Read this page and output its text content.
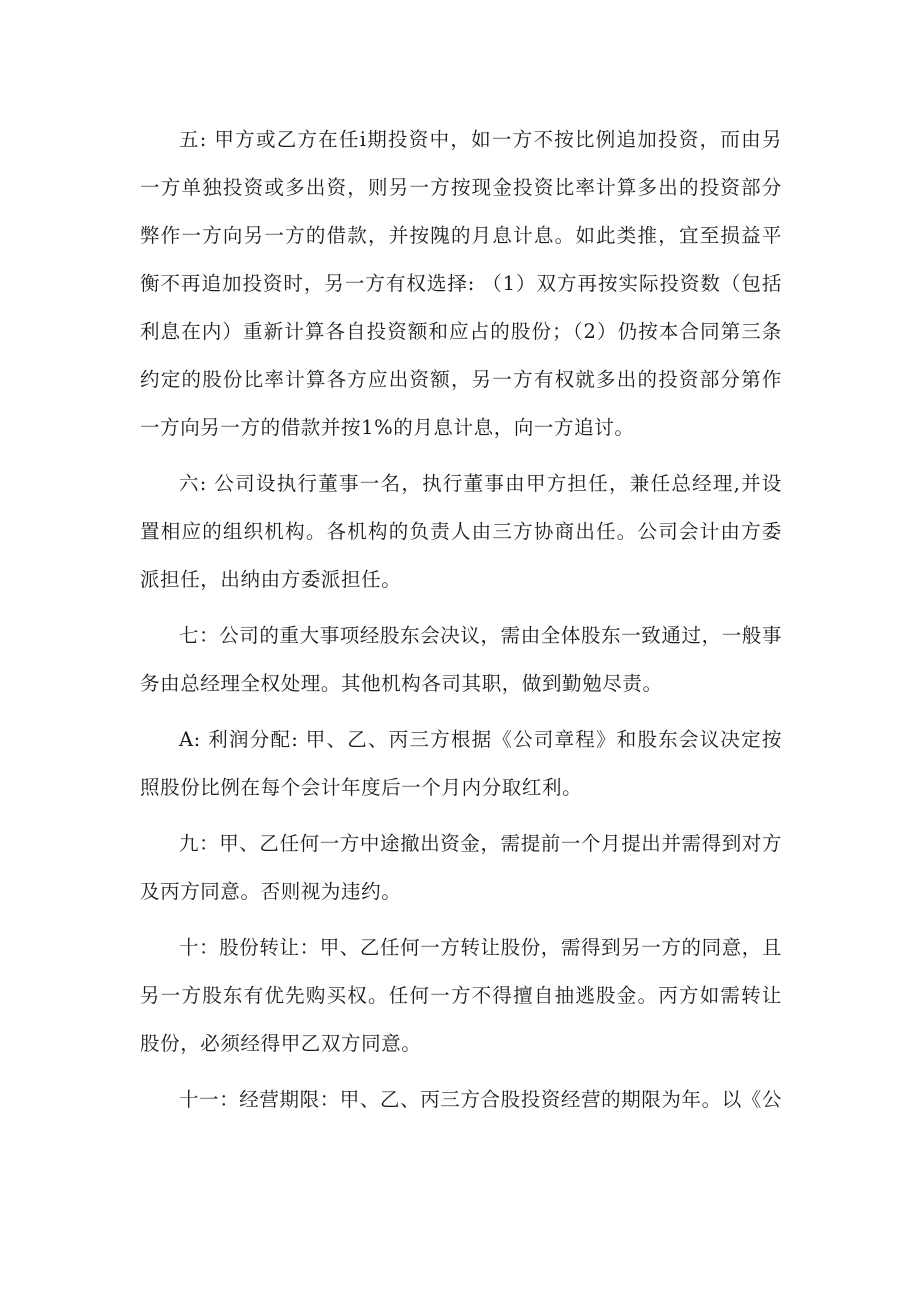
五: 甲方或乙方在任i期投资中，如一方不按比例追加投资，而由另一方单独投资或多出资，则另一方按现金投资比率计算多出的投资部分弊作一方向另一方的借款，并按隗的月息计息。如此类推，宜至损益平衡不再追加投资时，另一方有权选择: （1）双方再按实际投资数（包括利息在内）重新计算各自投资额和应占的股份；（2）仍按本合同第三条约定的股份比率计算各方应出资额，另一方有权就多出的投资部分第作一方向另一方的借款并按1%的月息计息，向一方追讨。

六: 公司设执行董事一名，执行董事由甲方担任，兼任总经理,并设置相应的组织机构。各机构的负责人由三方协商出任。公司会计由方委派担任，出纳由方委派担任。

七：公司的重大事项经股东会决议，需由全体股东一致通过，一般事务由总经理全权处理。其他机构各司其职，做到勤勉尽责。

A: 利润分配: 甲、乙、丙三方根据《公司章程》和股东会议决定按照股份比例在每个会计年度后一个月内分取红利。

九：甲、乙任何一方中途撤出资金，需提前一个月提出并需得到对方及丙方同意。否则视为违约。

十：股份转让：甲、乙任何一方转让股份，需得到另一方的同意，且另一方股东有优先购买权。任何一方不得擅自抽逃股金。丙方如需转让股份，必须经得甲乙双方同意。

十一：经营期限：甲、乙、丙三方合股投资经营的期限为年。以《公
